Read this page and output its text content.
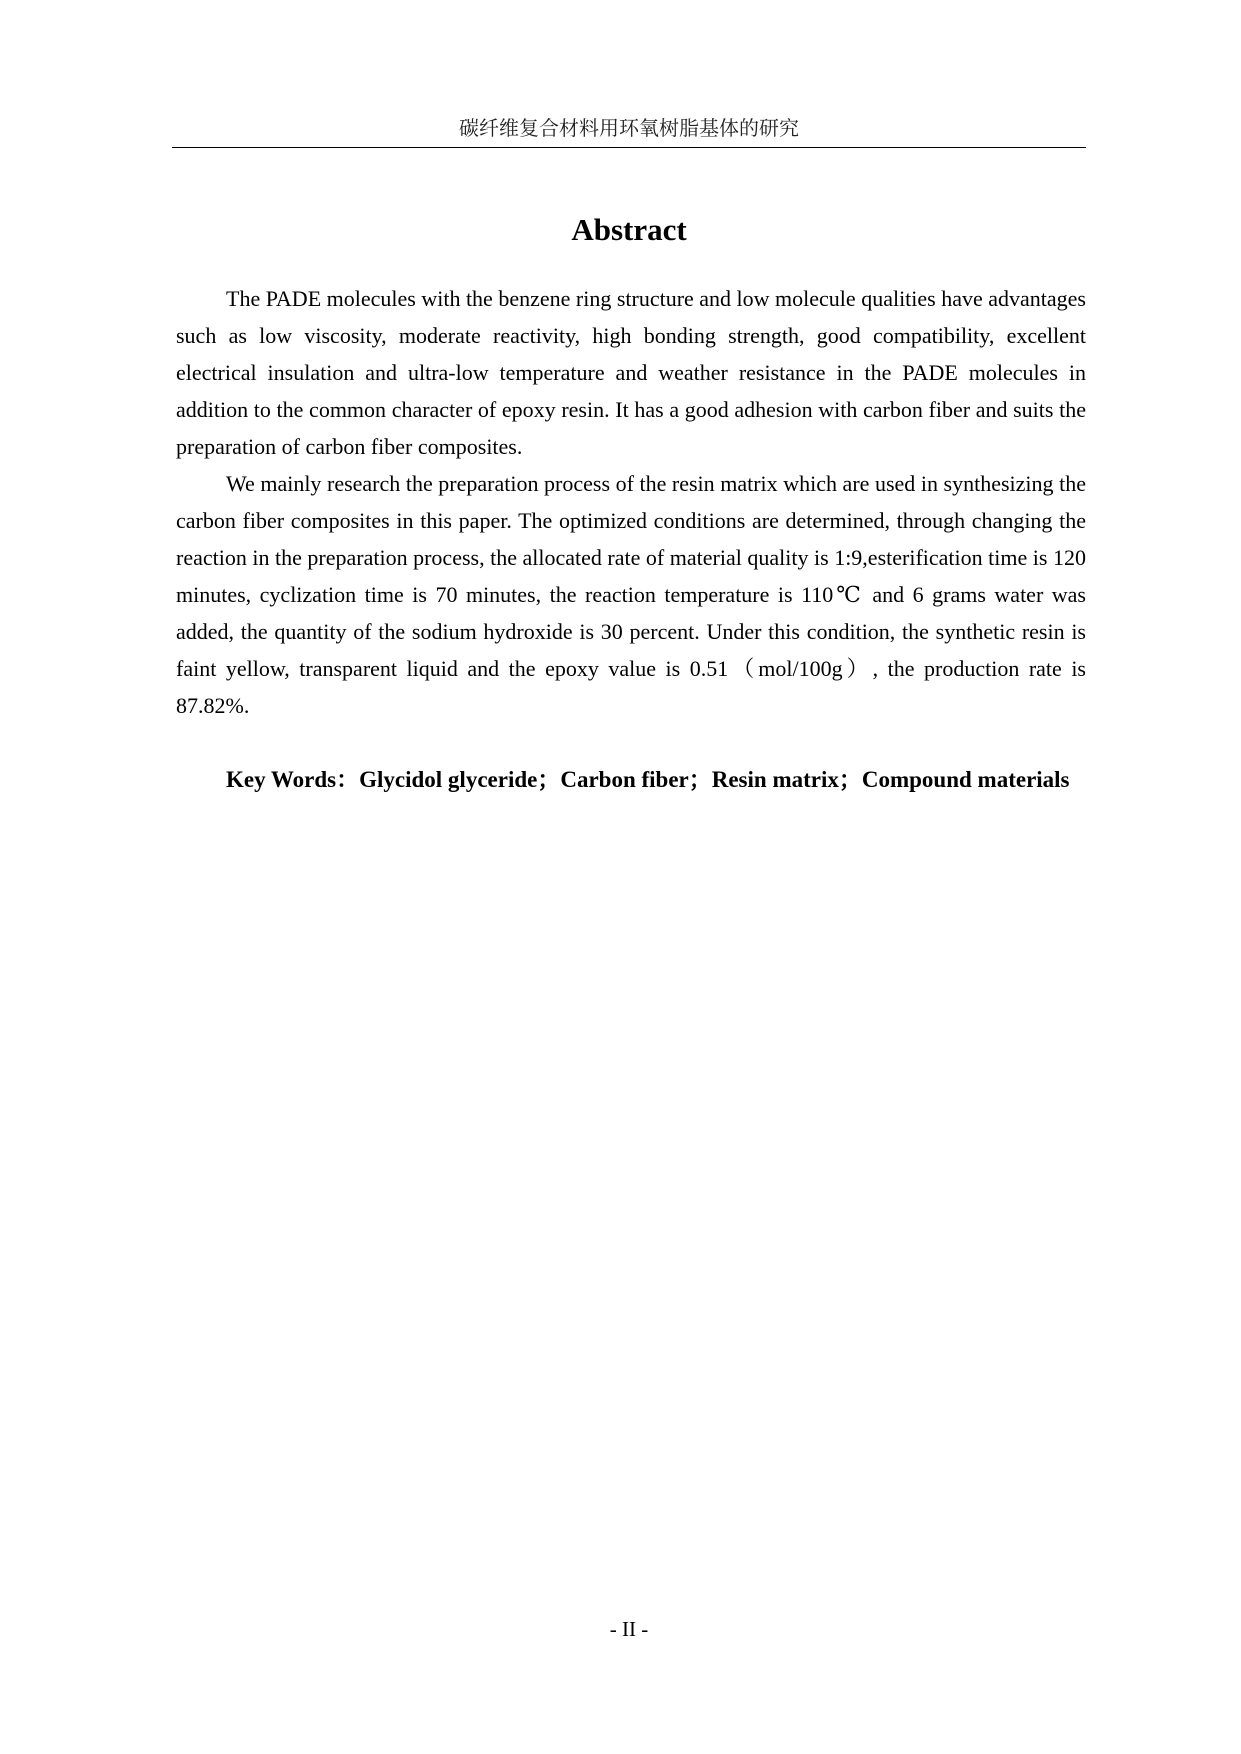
碳纤维复合材料用环氧树脂基体的研究
Abstract

The PADE molecules with the benzene ring structure and low molecule qualities have advantages such as low viscosity, moderate reactivity, high bonding strength, good compatibility, excellent electrical insulation and ultra-low temperature and weather resistance in the PADE molecules in addition to the common character of epoxy resin. It has a good adhesion with carbon fiber and suits the preparation of carbon fiber composites.

We mainly research the preparation process of the resin matrix which are used in synthesizing the carbon fiber composites in this paper. The optimized conditions are determined, through changing the reaction in the preparation process, the allocated rate of material quality is 1:9,esterification time is 120 minutes, cyclization time is 70 minutes, the reaction temperature is 110℃ and 6 grams water was added, the quantity of the sodium hydroxide is 30 percent. Under this condition, the synthetic resin is faint yellow, transparent liquid and the epoxy value is 0.51（mol/100g）, the production rate is 87.82%.

Key Words：Glycidol glyceride；Carbon fiber；Resin matrix；Compound materials

- II -
